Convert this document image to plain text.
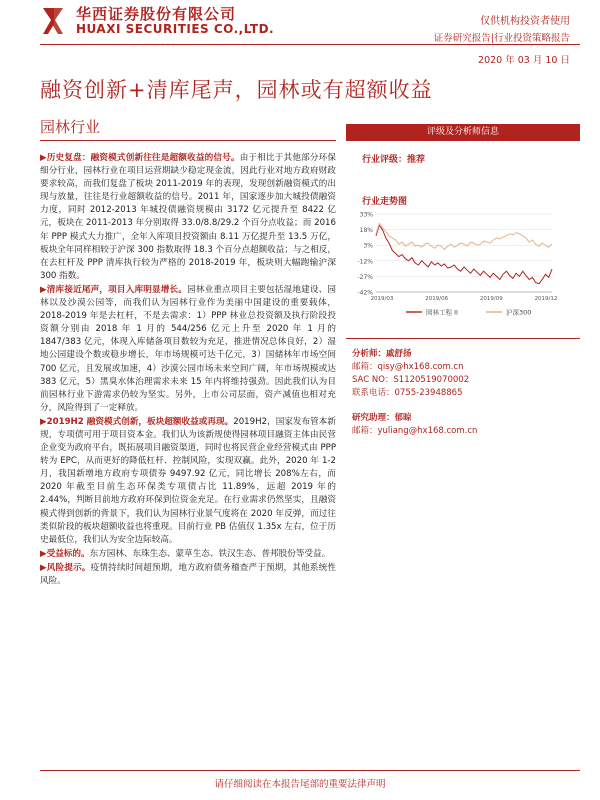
华西证券股份有限公司
HUAXI SECURITIES CO.,LTD.
仅供机构投资者使用
证券研究报告|行业投资策略报告
2020 年 03 月 10 日
融资创新+清库尾声，园林或有超额收益
园林行业

▶历史复盘：融资模式创新往往是超额收益的信号。由于相比于其他部分环保细分行业，园林行业在项目运营期缺少稳定现金流，因此行业对地方政府财政要求较高，而我们复盘了板块 2011-2019 年的表现，发现创新融资模式的出现与放量，往往是行业超额收益的信号。2011 年，国家逐步加大城投债融资力度，同时 2012-2013 年城投债融资规模由 3172 亿元提升至 8422 亿元，板块在 2011-2013 年分别取得 33.0/8.8/29.2 个百分点收益；而 2016 年 PPP 模式大力推广，全年入库项目投资额由 8.11 万亿提升至 13.5 万亿，板块全年同样相较于沪深 300 指数取得 18.3 个百分点超额收益；与之相反，在去杠杆及 PPP 清库执行较为严格的 2018-2019 年，板块则大幅跑输沪深 300 指数。

▶清库接近尾声，项目入库明显增长。园林业重点项目主要包括湿地建设、园林以及沙漠公园等，而我们认为园林行业作为美丽中国建设的重要载体，2018-2019 年是去杠杆，不是去需求：1）PPP 林业总投资额及执行阶段投资额分别由 2018 年 1 月的 544/256 亿元上升至 2020 年 1 月的 1847/383 亿元，体现入库储备项目数较为充足，推进情况总体良好，2）湿地公园建设个数或稳步增长，年市场规模可达千亿元，3）国储林年市场空间 700 亿元，且发展或加速，4）沙漠公园市场未来空间广阔，年市场规模或达 383 亿元，5）黑臭水体治理需求未来 15 年内将维持强劲。因此我们认为目前园林行业下游需求仍较为坚实。另外，上市公司层面，资产减值也相对充分，风险得到了一定释放。

▶2019H2 融资模式创新，板块超额收益或再现。2019H2，国家发布管本新规，专项债可用于项目资本金。我们认为该新规使得园林项目融资主体由民营企业变为政府平台，既拓展项目融资渠道，同时也将民营企业经营模式由 PPP 转为 EPC，从而更好的降低杠杆、控制风险，实现双赢。此外，2020 年 1-2 月，我国新增地方政府专项债券 9497.92 亿元，同比增长 208%左右，而 2020 年截至目前生态环保类专项债占比 11.89%，远超 2019 年的 2.44%，判断目前地方政府环保到位资金充足。在行业需求仍然坚实，且融资模式得到创新的背景下，我们认为园林行业景气度将在 2020 年反弹，而过往类似阶段的板块超额收益也将重现。目前行业 PB 估值仅 1.35x 左右，位于历史最低位，我们认为安全边际较高。

▶受益标的。东方园林、东珠生态、蒙草生态、铁汉生态、普邦股份等受益。

▶风险提示。疫情持续时间超预期，地方政府债务稽查严于预期，其他系统性风险。

评级及分析师信息
行业评级：推荐
行业走势图
33%
18%
3%
-12%
-27%
-42%
2019/03	2019/06	2019/09	2019/12
园林工程 II	沪深300
分析师：戚舒扬
邮箱：qisy@hx168.com.cn
SAC NO：S1120519070002
联系电话：0755-23948865
研究助理：郁晾
邮箱：yuliang@hx168.com.cn
请仔细阅读在本报告尾部的重要法律声明
